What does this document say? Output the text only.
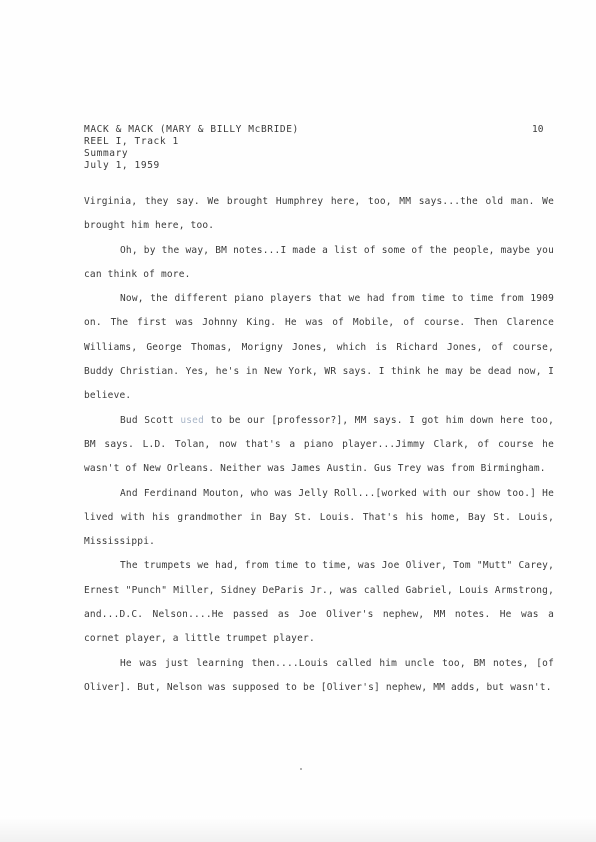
MACK & MACK (MARY & BILLY McBRIDE)
REEL I, Track 1
Summary
July 1, 1959
10

Virginia, they say. We brought Humphrey here, too, MM says...the old man. We brought him here, too.

Oh, by the way, BM notes...I made a list of some of the people, maybe you can think of more.

Now, the different piano players that we had from time to time from 1909 on. The first was Johnny King. He was of Mobile, of course. Then Clarence Williams, George Thomas, Morigny Jones, which is Richard Jones, of course, Buddy Christian. Yes, he's in New York, WR says. I think he may be dead now, I believe.

Bud Scott used to be our [professor?], MM says. I got him down here too, BM says. L.D. Tolan, now that's a piano player...Jimmy Clark, of course he wasn't of New Orleans. Neither was James Austin. Gus Trey was from Birmingham.

And Ferdinand Mouton, who was Jelly Roll...[worked with our show too.] He lived with his grandmother in Bay St. Louis. That's his home, Bay St. Louis, Mississippi.

The trumpets we had, from time to time, was Joe Oliver, Tom "Mutt" Carey, Ernest "Punch" Miller, Sidney DeParis Jr., was called Gabriel, Louis Armstrong, and...D.C. Nelson....He passed as Joe Oliver's nephew, MM notes. He was a cornet player, a little trumpet player.

He was just learning then....Louis called him uncle too, BM notes, [of Oliver]. But, Nelson was supposed to be [Oliver's] nephew, MM adds, but wasn't.
